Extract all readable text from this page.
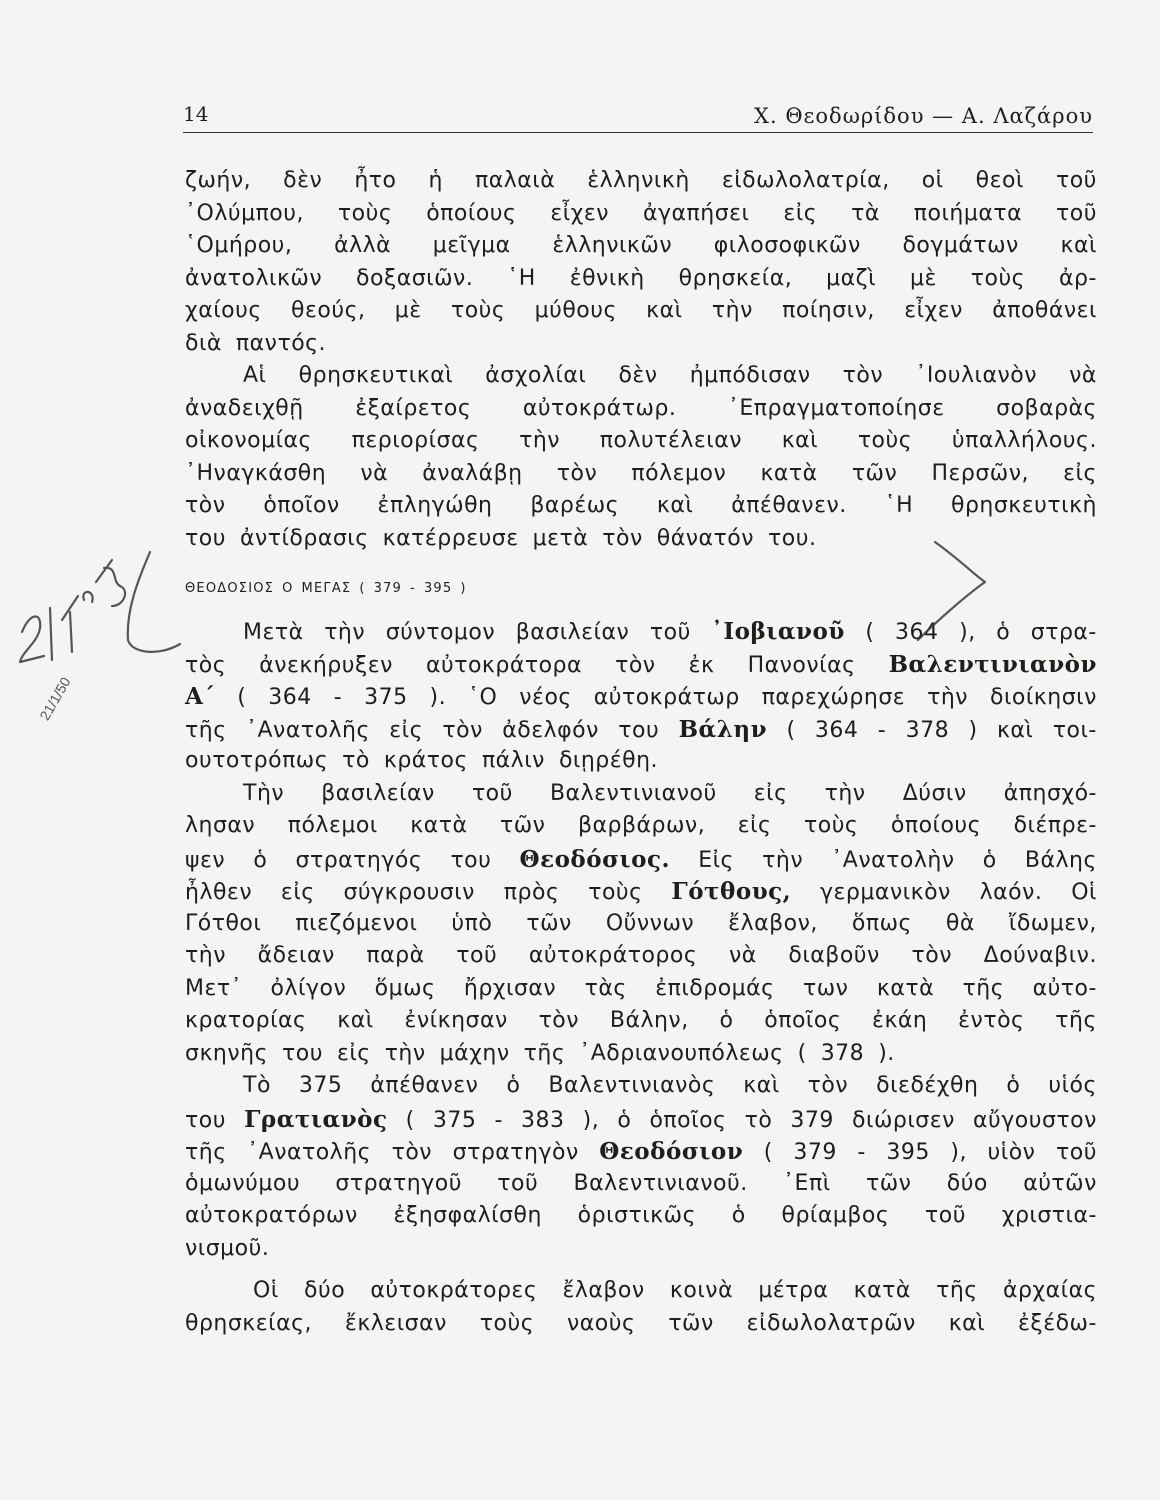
14	Χ. Θεοδωρίδου — Α. Λαζάρου
ζωήν, δὲν ἦτο ἡ παλαιὰ ἑλληνικὴ εἰδωλολατρία, οἱ θεοὶ τοῦ
᾿Ολύμπου, τοὺς ὁποίους εἶχεν ἀγαπήσει εἰς τὰ ποιήματα τοῦ
῾Ομήρου, ἀλλὰ μεῖγμα ἑλληνικῶν φιλοσοφικῶν δογμάτων καὶ
ἀνατολικῶν δοξασιῶν. ῾Η ἐθνικὴ θρησκεία, μαζὶ μὲ τοὺς ἀρ-
χαίους θεούς, μὲ τοὺς μύθους καὶ τὴν ποίησιν, εἶχεν ἀποθάνει
διὰ παντός.
Αἱ θρησκευτικαὶ ἀσχολίαι δὲν ἠμπόδισαν τὸν ᾿Ιουλιανὸν νὰ
ἀναδειχθῇ ἐξαίρετος αὐτοκράτωρ. ᾿Επραγματοποίησε σοβαρὰς
οἰκονομίας περιορίσας τὴν πολυτέλειαν καὶ τοὺς ὑπαλλήλους.
᾿Ηναγκάσθη νὰ ἀναλάβῃ τὸν πόλεμον κατὰ τῶν Περσῶν, εἰς
τὸν ὁποῖον ἐπληγώθη βαρέως καὶ ἀπέθανεν. ῾Η θρησκευτικὴ
του ἀντίδρασις κατέρρευσε μετὰ τὸν θάνατόν του.
ΘΕΟΔΟΣΙΟΣ Ο ΜΕΓΑΣ ( 379 - 395 )
Μετὰ τὴν σύντομον βασιλείαν τοῦ ᾿Ιοβιανοῦ ( 364 ), ὁ στρα-
τὸς ἀνεκήρυξεν αὐτοκράτορα τὸν ἐκ Πανονίας Βαλεντινιανὸν
Α΄ ( 364 - 375 ). ῾Ο νέος αὐτοκράτωρ παρεχώρησε τὴν διοίκησιν
τῆς ᾿Ανατολῆς εἰς τὸν ἀδελφόν του Βάλην ( 364 - 378 ) καὶ τοι-
ουτοτρόπως τὸ κράτος πάλιν διῃρέθη.
Τὴν βασιλείαν τοῦ Βαλεντινιανοῦ εἰς τὴν Δύσιν ἀπησχό-
λησαν πόλεμοι κατὰ τῶν βαρβάρων, εἰς τοὺς ὁποίους διέπρε-
ψεν ὁ στρατηγός του Θεοδόσιος. Εἰς τὴν ᾿Ανατολὴν ὁ Βάλης
ἦλθεν εἰς σύγκρουσιν πρὸς τοὺς Γότθους, γερμανικὸν λαόν. Οἱ
Γότθοι πιεζόμενοι ὑπὸ τῶν Οὔννων ἔλαβον, ὅπως θὰ ἴδωμεν,
τὴν ἄδειαν παρὰ τοῦ αὐτοκράτορος νὰ διαβοῦν τὸν Δούναβιν.
Μετ᾿ ὀλίγον ὅμως ἤρχισαν τὰς ἐπιδρομάς των κατὰ τῆς αὐτο-
κρατορίας καὶ ἐνίκησαν τὸν Βάλην, ὁ ὁποῖος ἐκάη ἐντὸς τῆς
σκηνῆς του εἰς τὴν μάχην τῆς ᾿Αδριανουπόλεως ( 378 ).
Τὸ 375 ἀπέθανεν ὁ Βαλεντινιανὸς καὶ τὸν διεδέχθη ὁ υἱός
του Γρατιανὸς ( 375 - 383 ), ὁ ὁποῖος τὸ 379 διώρισεν αὔγουστον
τῆς ᾿Ανατολῆς τὸν στρατηγὸν Θεοδόσιον ( 379 - 395 ), υἱὸν τοῦ
ὁμωνύμου στρατηγοῦ τοῦ Βαλεντινιανοῦ. ᾿Επὶ τῶν δύο αὐτῶν
αὐτοκρατόρων ἐξησφαλίσθη ὁριστικῶς ὁ θρίαμβος τοῦ χριστια-
νισμοῦ.
Οἱ δύο αὐτοκράτορες ἔλαβον κοινὰ μέτρα κατὰ τῆς ἀρχαίας
θρησκείας, ἔκλεισαν τοὺς ναοὺς τῶν εἰδωλολατρῶν καὶ ἐξέδω-
21/1/50
